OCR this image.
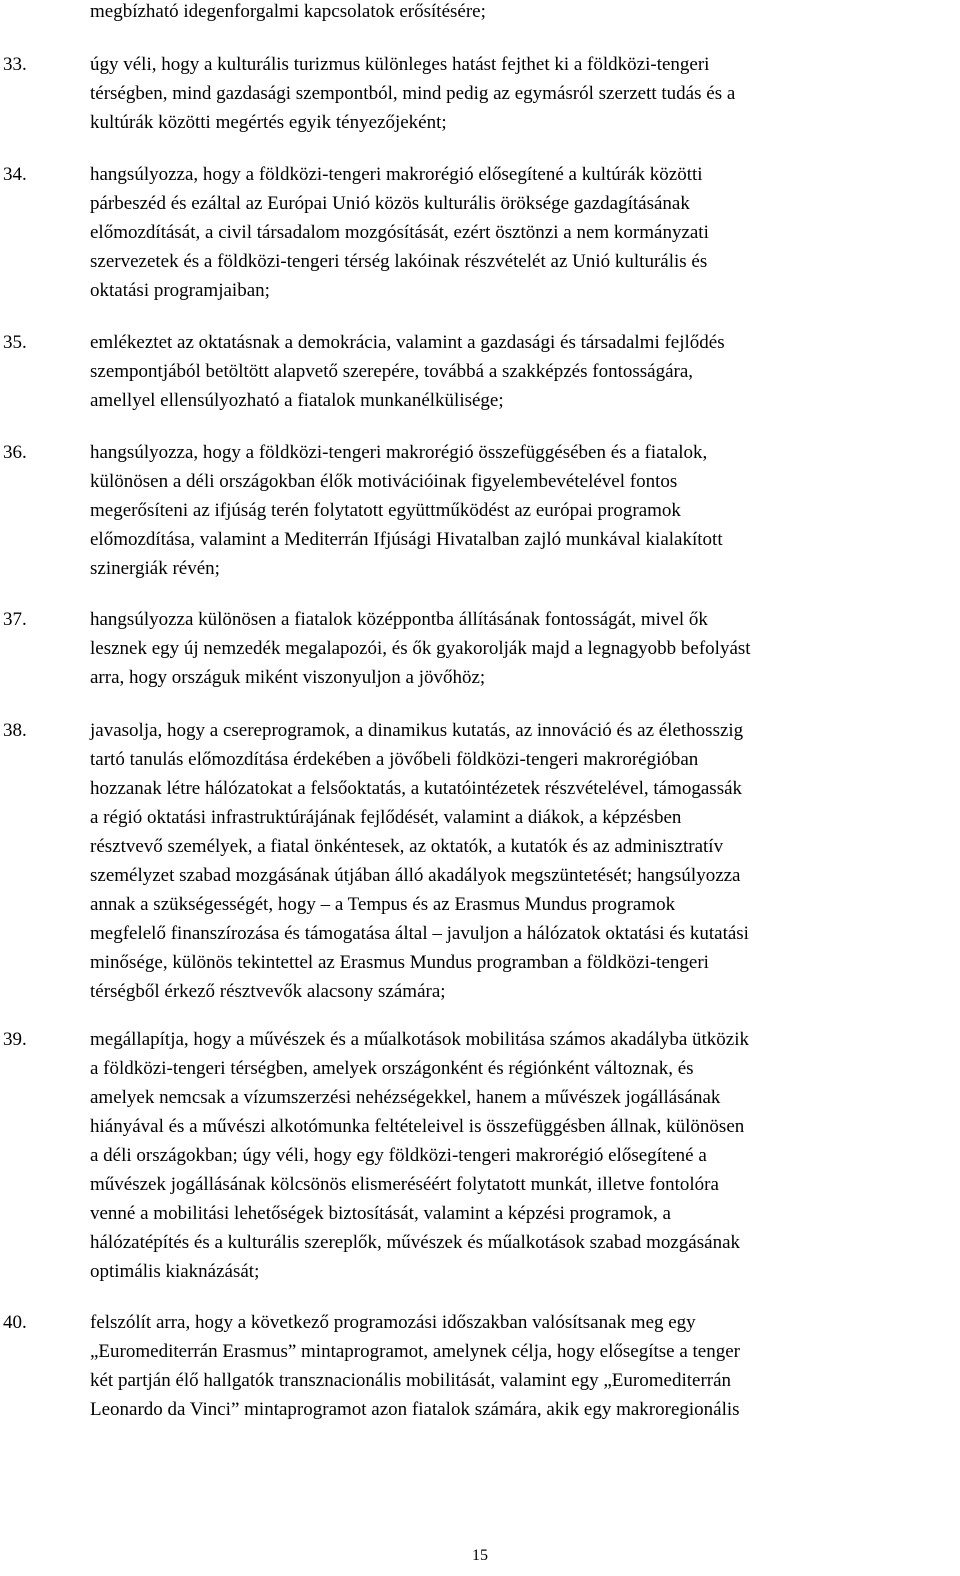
megbízható idegenforgalmi kapcsolatok erősítésére;
33.	úgy véli, hogy a kulturális turizmus különleges hatást fejthet ki a földközi-tengeri
térségben, mind gazdasági szempontból, mind pedig az egymásról szerzett tudás és a
kultúrák közötti megértés egyik tényezőjeként;
34.	hangsúlyozza, hogy a földközi-tengeri makrorégió elősegítené a kultúrák közötti
párbeszéd és ezáltal az Európai Unió közös kulturális öröksége gazdagításának
előmozdítását, a civil társadalom mozgósítását, ezért ösztönzi a nem kormányzati
szervezetek és a földközi-tengeri térség lakóinak részvételét az Unió kulturális és
oktatási programjaiban;
35.	emlékeztet az oktatásnak a demokrácia, valamint a gazdasági és társadalmi fejlődés
szempontjából betöltött alapvető szerepére, továbbá a szakképzés fontosságára,
amellyel ellensúlyozható a fiatalok munkanélkülisége;
36.	hangsúlyozza, hogy a földközi-tengeri makrorégió összefüggésében és a fiatalok,
különösen a déli országokban élők motivációinak figyelembevételével fontos
megerősíteni az ifjúság terén folytatott együttműködést az európai programok
előmozdítása, valamint a Mediterrán Ifjúsági Hivatalban zajló munkával kialakított
szinergiák révén;
37.	hangsúlyozza különösen a fiatalok középpontba állításának fontosságát, mivel ők
lesznek egy új nemzedék megalapozói, és ők gyakorolják majd a legnagyobb befolyást
arra, hogy országuk miként viszonyuljon a jövőhöz;
38.	javasolja, hogy a csereprogramok, a dinamikus kutatás, az innováció és az élethosszig
tartó tanulás előmozdítása érdekében a jövőbeli földközi-tengeri makrorégióban
hozzanak létre hálózatokat a felsőoktatás, a kutatóintézetek részvételével, támogassák
a régió oktatási infrastruktúrájának fejlődését, valamint a diákok, a képzésben
résztvevő személyek, a fiatal önkéntesek, az oktatók, a kutatók és az adminisztratív
személyzet szabad mozgásának útjában álló akadályok megszüntetését; hangsúlyozza
annak a szükségességét, hogy – a Tempus és az Erasmus Mundus programok
megfelelő finanszírozása és támogatása által – javuljon a hálózatok oktatási és kutatási
minősége, különös tekintettel az Erasmus Mundus programban a földközi-tengeri
térségből érkező résztvevők alacsony számára;
39.	megállapítja, hogy a művészek és a műalkotások mobilitása számos akadályba ütközik
a földközi-tengeri térségben, amelyek országonként és régiónként változnak, és
amelyek nemcsak a vízumszerzési nehézségekkel, hanem a művészek jogállásának
hiányával és a művészi alkotómunka feltételeivel is összefüggésben állnak, különösen
a déli országokban; úgy véli, hogy egy földközi-tengeri makrorégió elősegítené a
művészek jogállásának kölcsönös elismeréséért folytatott munkát, illetve fontolóra
venné a mobilitási lehetőségek biztosítását, valamint a képzési programok, a
hálózatépítés és a kulturális szereplők, művészek és műalkotások szabad mozgásának
optimális kiaknázását;
40.	felszólít arra, hogy a következő programozási időszakban valósítsanak meg egy
„Euromediterrán Erasmus” mintaprogramot, amelynek célja, hogy elősegítse a tenger
két partján élő hallgatók transznacionális mobilitását, valamint egy „Euromediterrán
Leonardo da Vinci” mintaprogramot azon fiatalok számára, akik egy makroregionális
15
